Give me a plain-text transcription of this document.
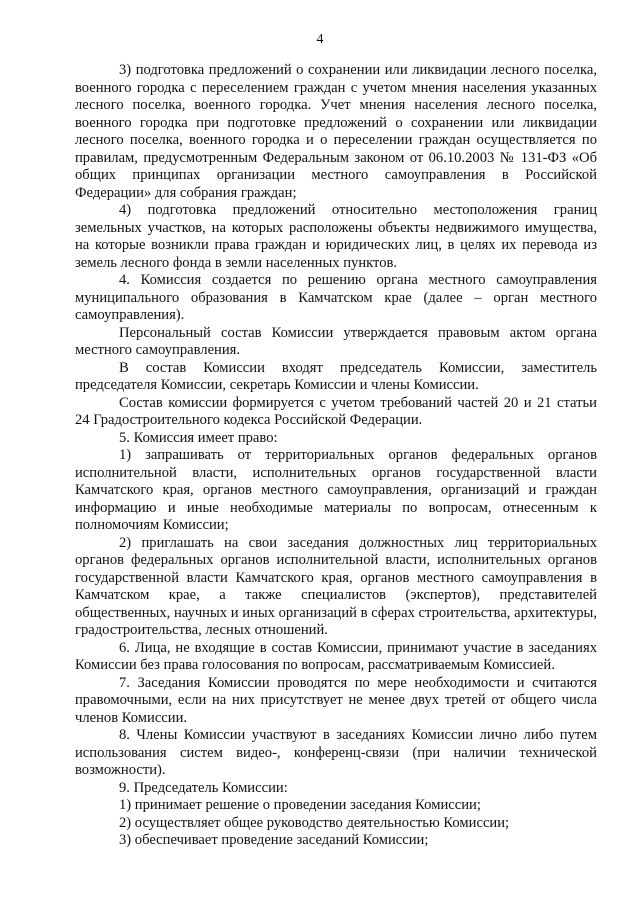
4

3) подготовка предложений о сохранении или ликвидации лесного поселка, военного городка с переселением граждан с учетом мнения населения указанных лесного поселка, военного городка. Учет мнения населения лесного поселка, военного городка при подготовке предложений о сохранении или ликвидации лесного поселка, военного городка и о переселении граждан осуществляется по правилам, предусмотренным Федеральным законом от 06.10.2003 № 131-ФЗ «Об общих принципах организации местного самоуправления в Российской Федерации» для собрания граждан;

4) подготовка предложений относительно местоположения границ земельных участков, на которых расположены объекты недвижимого имущества, на которые возникли права граждан и юридических лиц, в целях их перевода из земель лесного фонда в земли населенных пунктов.

4. Комиссия создается по решению органа местного самоуправления муниципального образования в Камчатском крае (далее – орган местного самоуправления).

Персональный состав Комиссии утверждается правовым актом органа местного самоуправления.

В состав Комиссии входят председатель Комиссии, заместитель председателя Комиссии, секретарь Комиссии и члены Комиссии.

Состав комиссии формируется с учетом требований частей 20 и 21 статьи 24 Градостроительного кодекса Российской Федерации.

5. Комиссия имеет право:

1) запрашивать от территориальных органов федеральных органов исполнительной власти, исполнительных органов государственной власти Камчатского края, органов местного самоуправления, организаций и граждан информацию и иные необходимые материалы по вопросам, отнесенным к полномочиям Комиссии;

2) приглашать на свои заседания должностных лиц территориальных органов федеральных органов исполнительной власти, исполнительных органов государственной власти Камчатского края, органов местного самоуправления в Камчатском крае, а также специалистов (экспертов), представителей общественных, научных и иных организаций в сферах строительства, архитектуры, градостроительства, лесных отношений.

6. Лица, не входящие в состав Комиссии, принимают участие в заседаниях Комиссии без права голосования по вопросам, рассматриваемым Комиссией.

7. Заседания Комиссии проводятся по мере необходимости и считаются правомочными, если на них присутствует не менее двух третей от общего числа членов Комиссии.

8. Члены Комиссии участвуют в заседаниях Комиссии лично либо путем использования систем видео-, конференц-связи (при наличии технической возможности).

9. Председатель Комиссии:

1) принимает решение о проведении заседания Комиссии;

2) осуществляет общее руководство деятельностью Комиссии;

3) обеспечивает проведение заседаний Комиссии;
